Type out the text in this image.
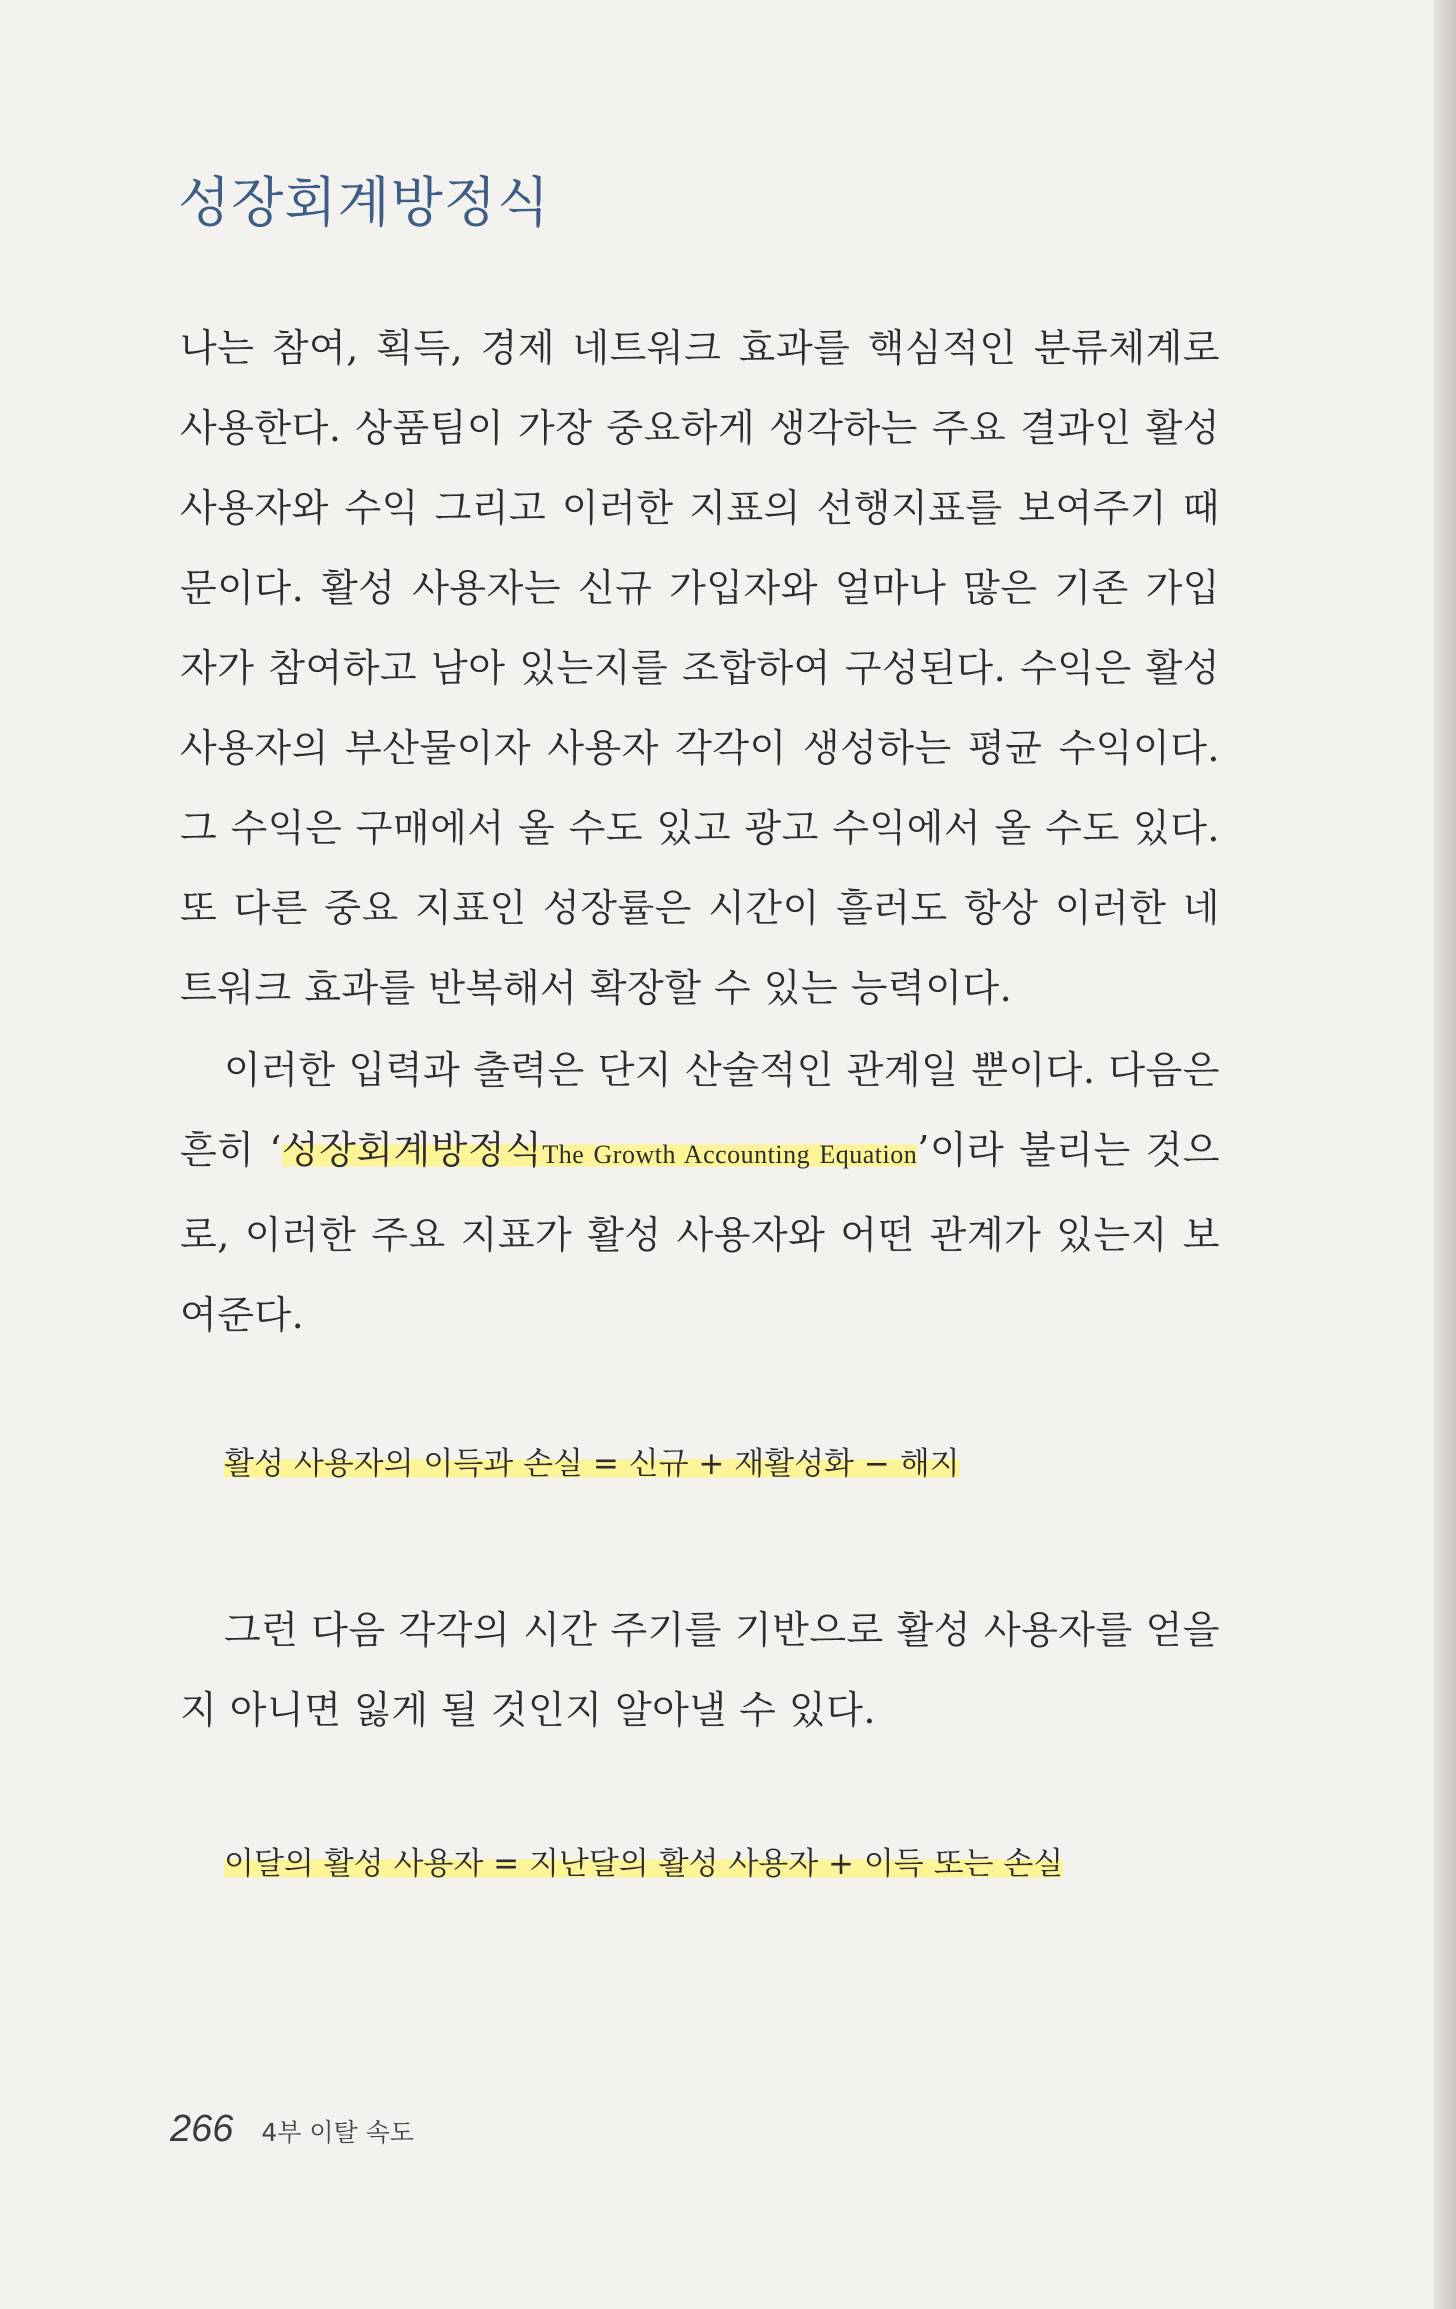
성장회계방정식

나는 참여, 획득, 경제 네트워크 효과를 핵심적인 분류체계로 사용한다. 상품팀이 가장 중요하게 생각하는 주요 결과인 활성 사용자와 수익 그리고 이러한 지표의 선행지표를 보여주기 때문이다. 활성 사용자는 신규 가입자와 얼마나 많은 기존 가입자가 참여하고 남아 있는지를 조합하여 구성된다. 수익은 활성 사용자의 부산물이자 사용자 각각이 생성하는 평균 수익이다. 그 수익은 구매에서 올 수도 있고 광고 수익에서 올 수도 있다. 또 다른 중요 지표인 성장률은 시간이 흘러도 항상 이러한 네트워크 효과를 반복해서 확장할 수 있는 능력이다.

이러한 입력과 출력은 단지 산술적인 관계일 뿐이다. 다음은 흔히 ‘성장회계방정식The Growth Accounting Equation’이라 불리는 것으로, 이러한 주요 지표가 활성 사용자와 어떤 관계가 있는지 보여준다.

활성 사용자의 이득과 손실 = 신규 + 재활성화 − 해지

그런 다음 각각의 시간 주기를 기반으로 활성 사용자를 얻을지 아니면 잃게 될 것인지 알아낼 수 있다.

이달의 활성 사용자 = 지난달의 활성 사용자 + 이득 또는 손실

266 4부 이탈 속도
